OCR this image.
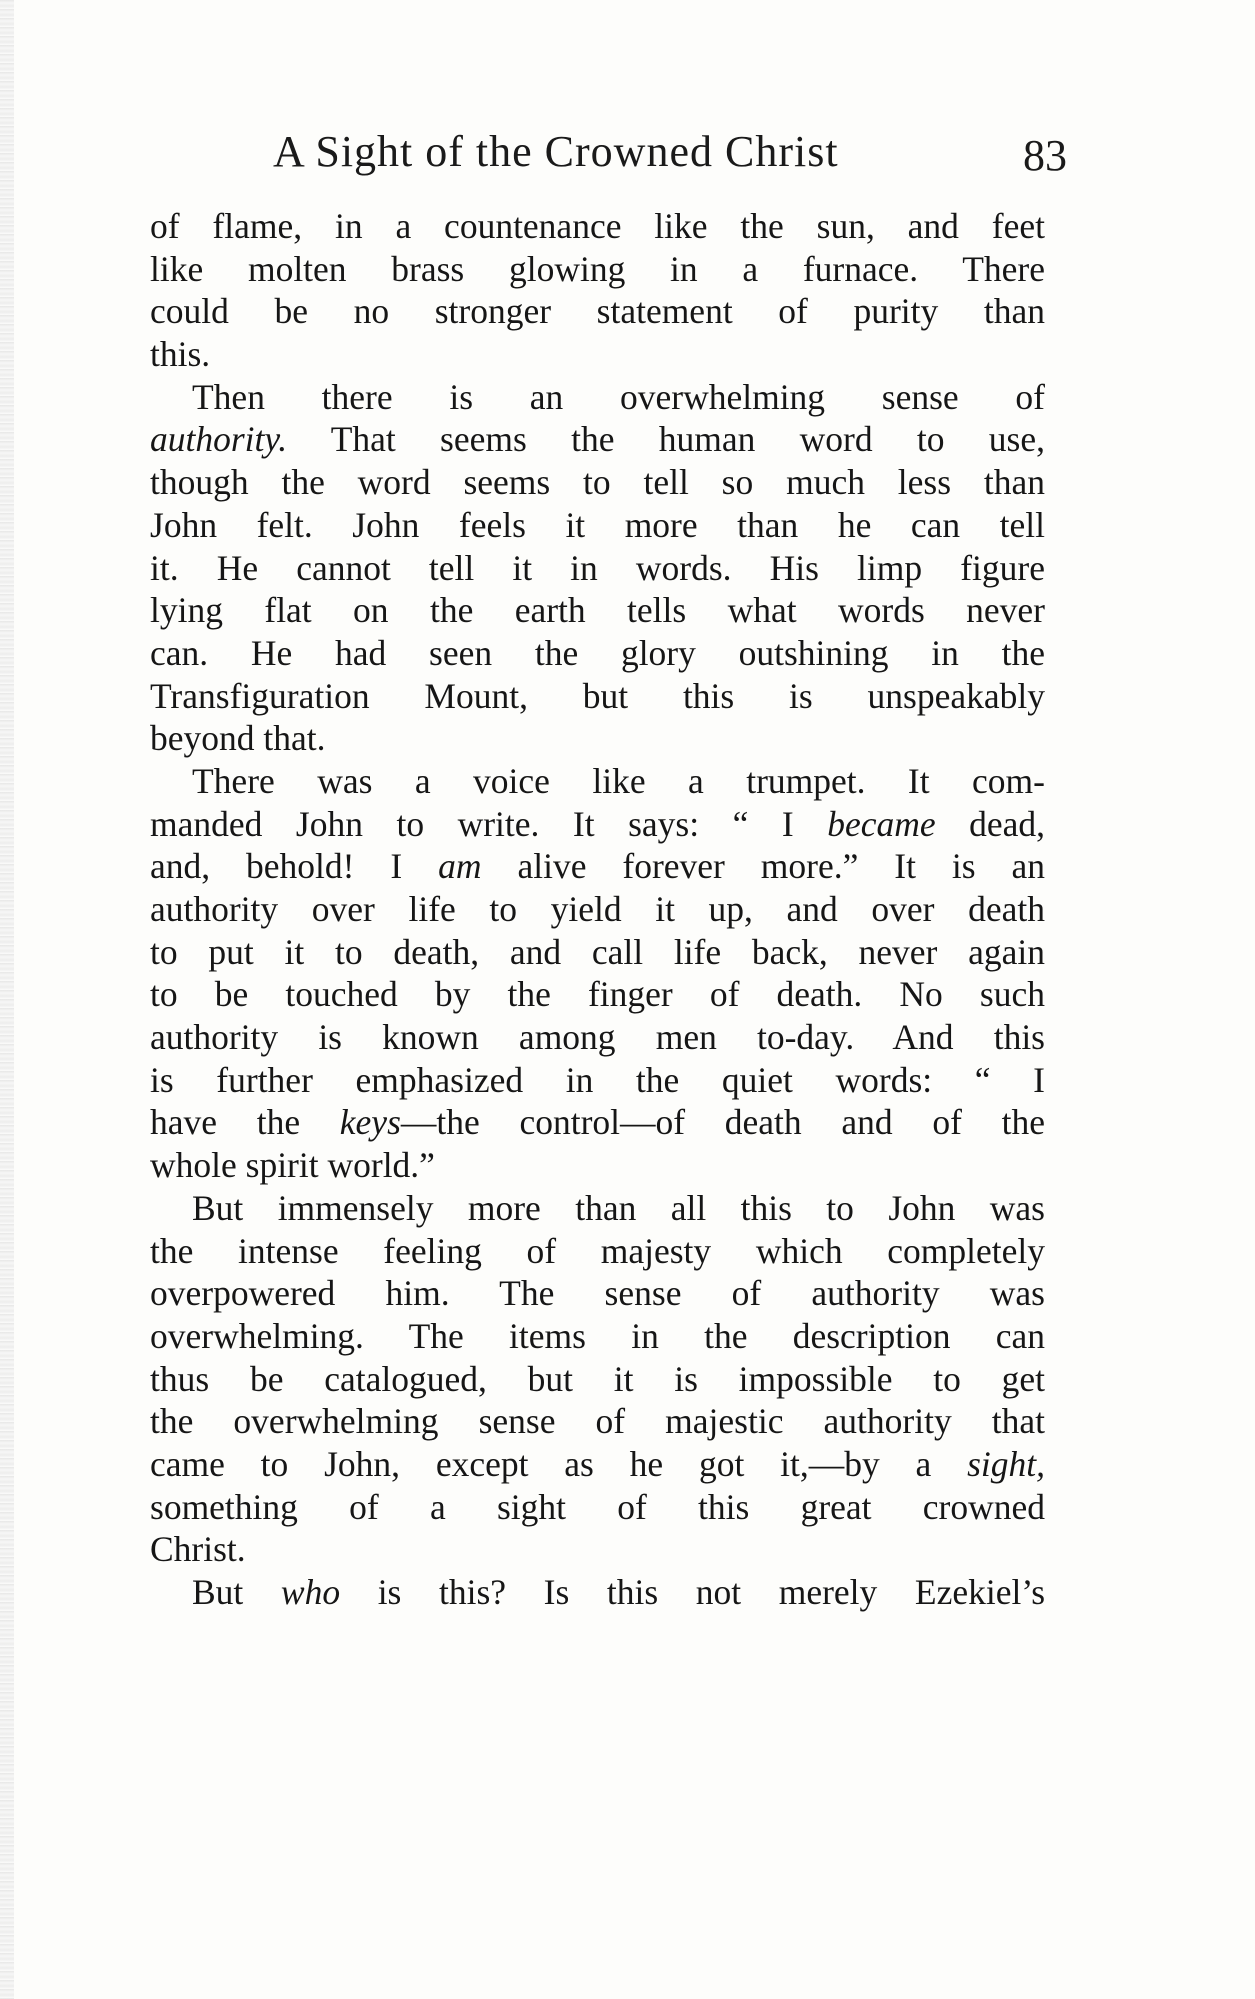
A Sight of the Crowned Christ	83
of flame, in a countenance like the sun, and feet
like molten brass glowing in a furnace. There
could be no stronger statement of purity than
this.
Then there is an overwhelming sense of
authority. That seems the human word to use,
though the word seems to tell so much less than
John felt. John feels it more than he can tell
it. He cannot tell it in words. His limp figure
lying flat on the earth tells what words never
can. He had seen the glory outshining in the
Transfiguration Mount, but this is unspeakably
beyond that.
There was a voice like a trumpet. It com-
manded John to write. It says: “ I became dead,
and, behold! I am alive forever more.” It is an
authority over life to yield it up, and over death
to put it to death, and call life back, never again
to be touched by the finger of death. No such
authority is known among men to-day. And this
is further emphasized in the quiet words: “ I
have the keys—the control—of death and of the
whole spirit world.”
But immensely more than all this to John was
the intense feeling of majesty which completely
overpowered him. The sense of authority was
overwhelming. The items in the description can
thus be catalogued, but it is impossible to get
the overwhelming sense of majestic authority that
came to John, except as he got it,—by a sight,
something of a sight of this great crowned
Christ.
But who is this? Is this not merely Ezekiel’s
